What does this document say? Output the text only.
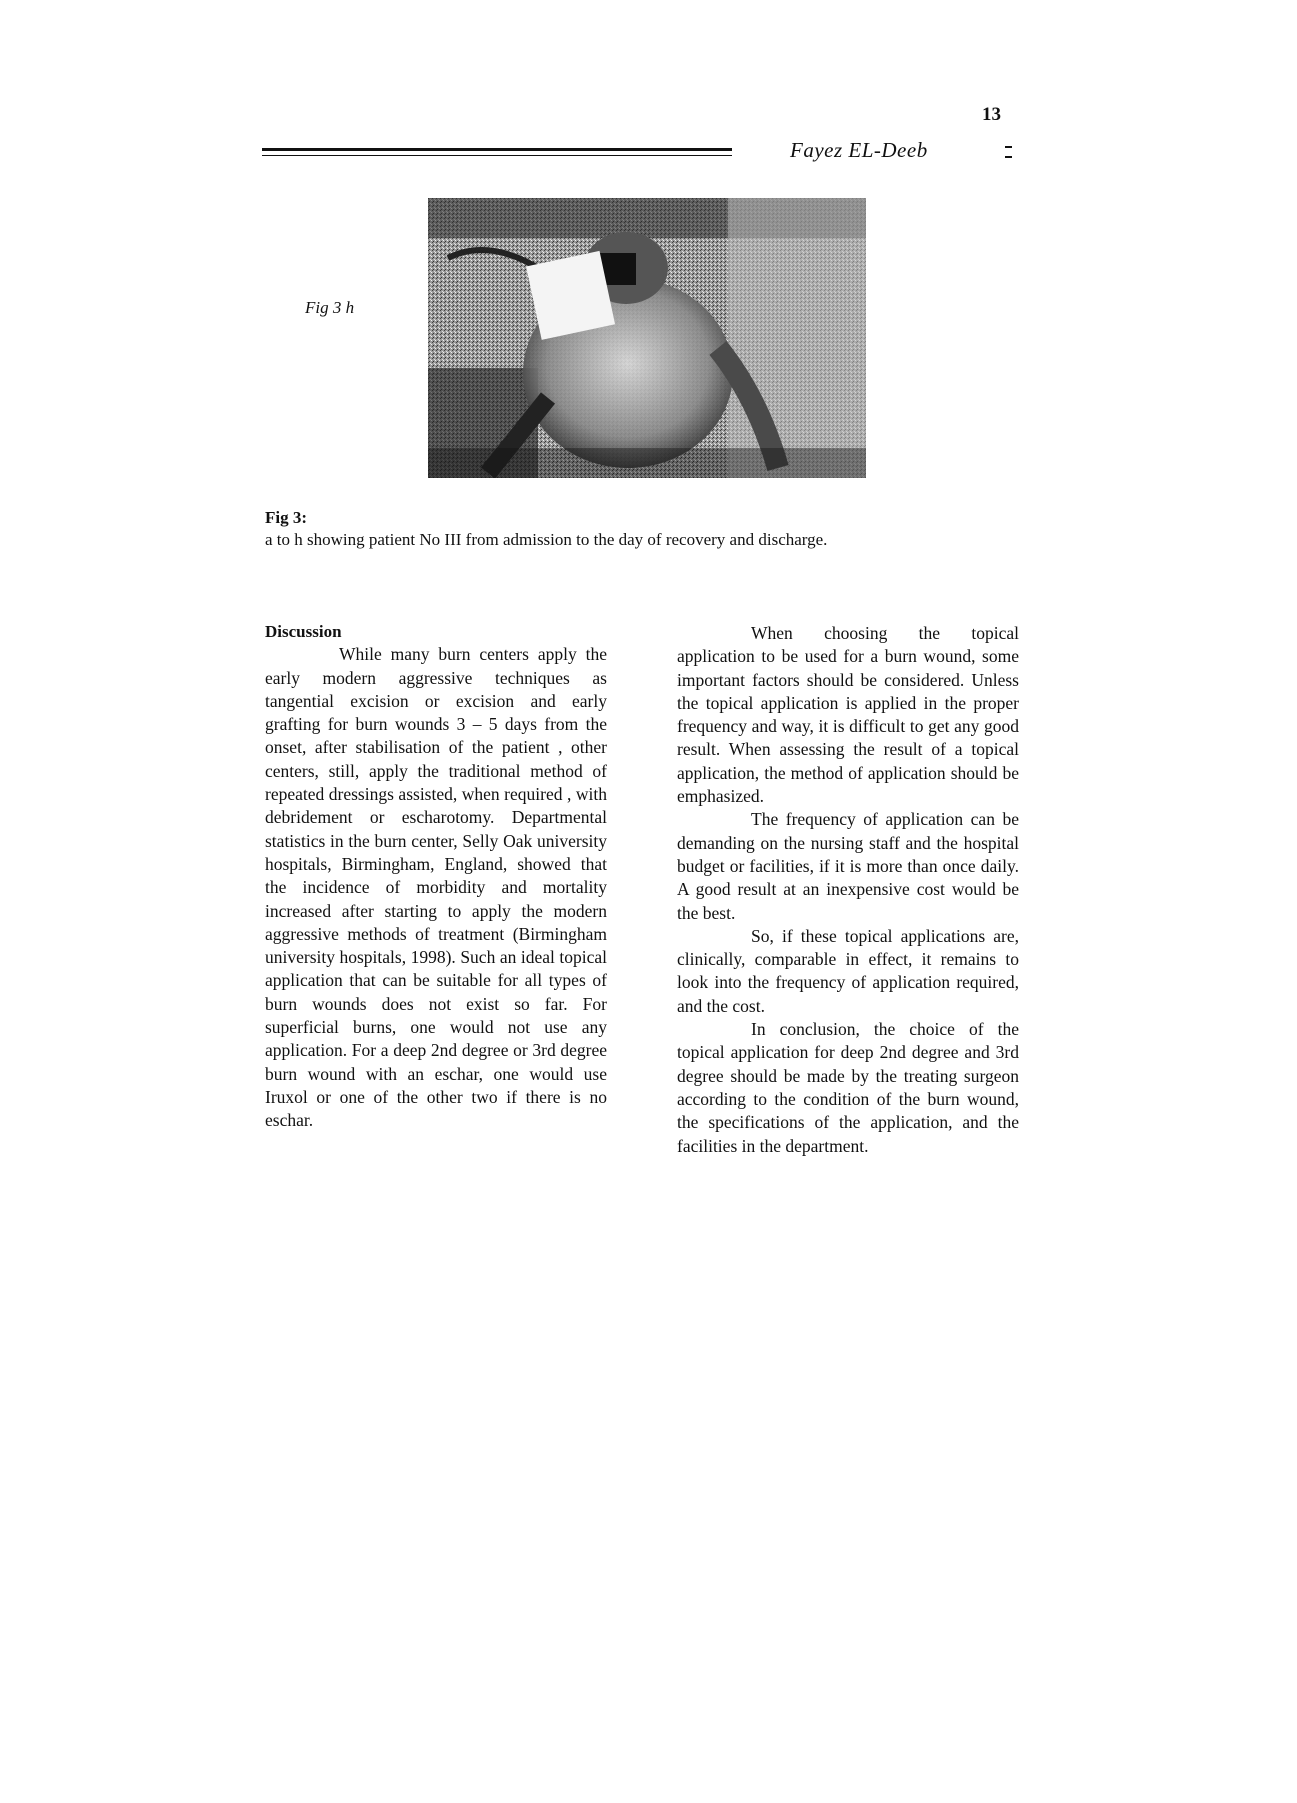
13
Fayez EL-Deeb
Fig 3 h
Fig 3:
a to h showing patient No III from admission to the day of recovery and discharge.
Discussion

While many burn centers apply the early modern aggressive techniques as tangential excision or excision and early grafting for burn wounds 3 – 5 days from the onset, after stabilisation of the patient , other centers, still, apply the traditional method of repeated dressings assisted, when required , with debridement or escharotomy. Departmental statistics in the burn center, Selly Oak university hospitals, Birmingham, England, showed that the incidence of morbidity and mortality increased after starting to apply the modern aggressive methods of treatment (Birmingham university hospitals, 1998). Such an ideal topical application that can be suitable for all types of burn wounds does not exist so far. For superficial burns, one would not use any application. For a deep 2nd degree or 3rd degree burn wound with an eschar, one would use Iruxol or one of the other two if there is no eschar.

When choosing the topical application to be used for a burn wound, some important factors should be considered. Unless the topical application is applied in the proper frequency and way, it is difficult to get any good result. When assessing the result of a topical application, the method of application should be emphasized.

The frequency of application can be demanding on the nursing staff and the hospital budget or facilities, if it is more than once daily. A good result at an inexpensive cost would be the best.

So, if these topical applications are, clinically, comparable in effect, it remains to look into the frequency of application required, and the cost.

In conclusion, the choice of the topical application for deep 2nd degree and 3rd degree should be made by the treating surgeon according to the condition of the burn wound, the specifications of the application, and the facilities in the department.
